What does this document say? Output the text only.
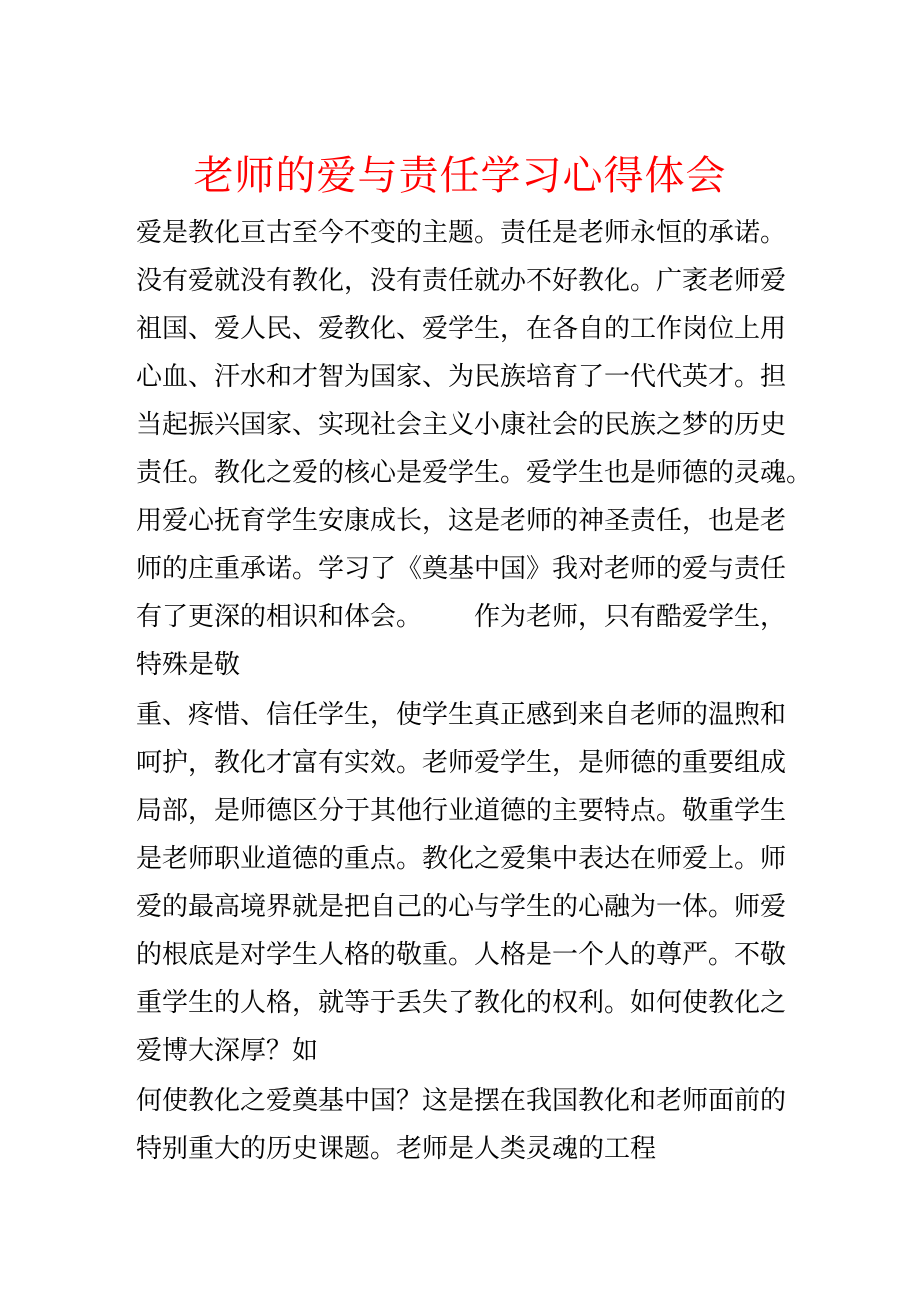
老师的爱与责任学习心得体会
爱是教化亘古至今不变的主题。责任是老师永恒的承诺。
没有爱就没有教化，没有责任就办不好教化。广袤老师爱
祖国、爱人民、爱教化、爱学生，在各自的工作岗位上用
心血、汗水和才智为国家、为民族培育了一代代英才。担
当起振兴国家、实现社会主义小康社会的民族之梦的历史
责任。教化之爱的核心是爱学生。爱学生也是师德的灵魂。
用爱心抚育学生安康成长，这是老师的神圣责任，也是老
师的庄重承诺。学习了《奠基中国》我对老师的爱与责任
有了更深的相识和体会。 作为老师，只有酷爱学生，
特殊是敬
重、疼惜、信任学生，使学生真正感到来自老师的温煦和
呵护，教化才富有实效。老师爱学生，是师德的重要组成
局部，是师德区分于其他行业道德的主要特点。敬重学生
是老师职业道德的重点。教化之爱集中表达在师爱上。师
爱的最高境界就是把自己的心与学生的心融为一体。师爱
的根底是对学生人格的敬重。人格是一个人的尊严。不敬
重学生的人格，就等于丢失了教化的权利。如何使教化之
爱博大深厚？如
何使教化之爱奠基中国？这是摆在我国教化和老师面前的
特别重大的历史课题。老师是人类灵魂的工程
